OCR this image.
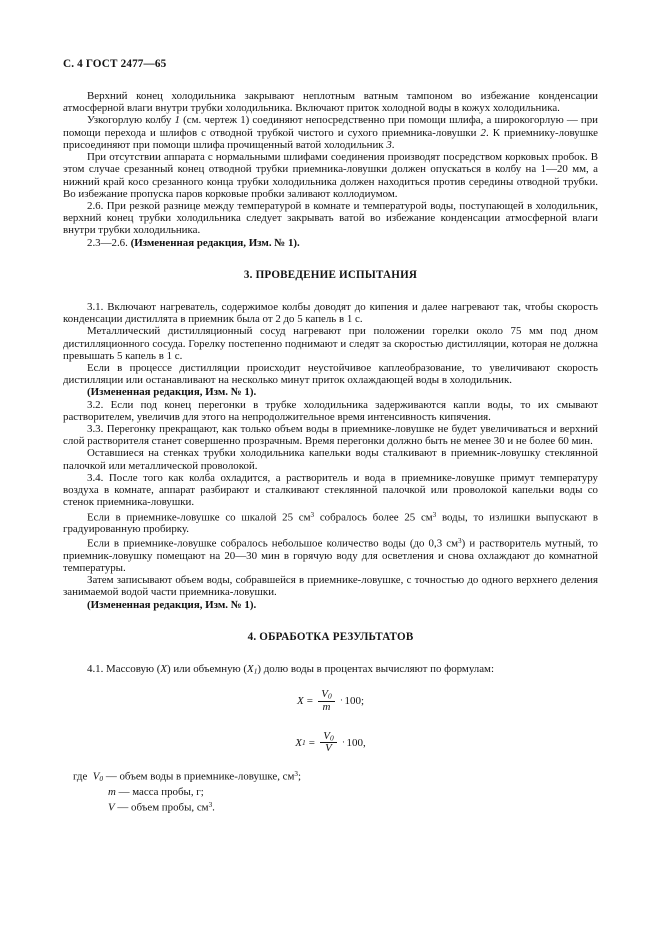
С. 4 ГОСТ 2477—65

Верхний конец холодильника закрывают неплотным ватным тампоном во избежание конденсации атмосферной влаги внутри трубки холодильника. Включают приток холодной воды в кожух холодильника.

Узкогорлую колбу 1 (см. чертеж 1) соединяют непосредственно при помощи шлифа, а широкогорлую — при помощи перехода и шлифов с отводной трубкой чистого и сухого приемника-ловушки 2. К приемнику-ловушке присоединяют при помощи шлифа прочищенный ватой холодильник 3.

При отсутствии аппарата с нормальными шлифами соединения производят посредством корковых пробок. В этом случае срезанный конец отводной трубки приемника-ловушки должен опускаться в колбу на 1—20 мм, а нижний край косо срезанного конца трубки холодильника должен находиться против середины отводной трубки. Во избежание пропуска паров корковые пробки заливают коллодиумом.

2.6. При резкой разнице между температурой в комнате и температурой воды, поступающей в холодильник, верхний конец трубки холодильника следует закрывать ватой во избежание конденсации атмосферной влаги внутри трубки холодильника.

2.3—2.6. (Измененная редакция, Изм. № 1).

3. ПРОВЕДЕНИЕ ИСПЫТАНИЯ

3.1. Включают нагреватель, содержимое колбы доводят до кипения и далее нагревают так, чтобы скорость конденсации дистиллята в приемник была от 2 до 5 капель в 1 с.

Металлический дистилляционный сосуд нагревают при положении горелки около 75 мм под дном дистилляционного сосуда. Горелку постепенно поднимают и следят за скоростью дистилляции, которая не должна превышать 5 капель в 1 с.

Если в процессе дистилляции происходит неустойчивое каплеобразование, то увеличивают скорость дистилляции или останавливают на несколько минут приток охлаждающей воды в холодильник.

(Измененная редакция, Изм. № 1).

3.2. Если под конец перегонки в трубке холодильника задерживаются капли воды, то их смывают растворителем, увеличив для этого на непродолжительное время интенсивность кипячения.

3.3. Перегонку прекращают, как только объем воды в приемнике-ловушке не будет увеличиваться и верхний слой растворителя станет совершенно прозрачным. Время перегонки должно быть не менее 30 и не более 60 мин.

Оставшиеся на стенках трубки холодильника капельки воды сталкивают в приемник-ловушку стеклянной палочкой или металлической проволокой.

3.4. После того как колба охладится, а растворитель и вода в приемнике-ловушке примут температуру воздуха в комнате, аппарат разбирают и сталкивают стеклянной палочкой или проволокой капельки воды со стенок приемника-ловушки.

Если в приемнике-ловушке со шкалой 25 $см^3$ собралось более 25 $см^3$ воды, то излишки выпускают в градуированную пробирку.

Если в приемнике-ловушке собралось небольшое количество воды (до 0,3 $см^3$) и растворитель мутный, то приемник-ловушку помещают на 20—30 мин в горячую воду для осветления и снова охлаждают до комнатной температуры.

Затем записывают объем воды, собравшейся в приемнике-ловушке, с точностью до одного верхнего деления занимаемой водой части приемника-ловушки.

(Измененная редакция, Изм. № 1).

4. ОБРАБОТКА РЕЗУЛЬТАТОВ

4.1. Массовую (X) или объемную $(X_1)$ долю воды в процентах вычисляют по формулам:

$X = \frac{V_0}{m} \cdot 100$ ;
X $1 = \frac{V_0}{V} \cdot 100$ ,
где $V_0$ — объем воды в приемнике-ловушке, $см^3$;
m — масса пробы, г;
V — объем пробы, $см^3$.
